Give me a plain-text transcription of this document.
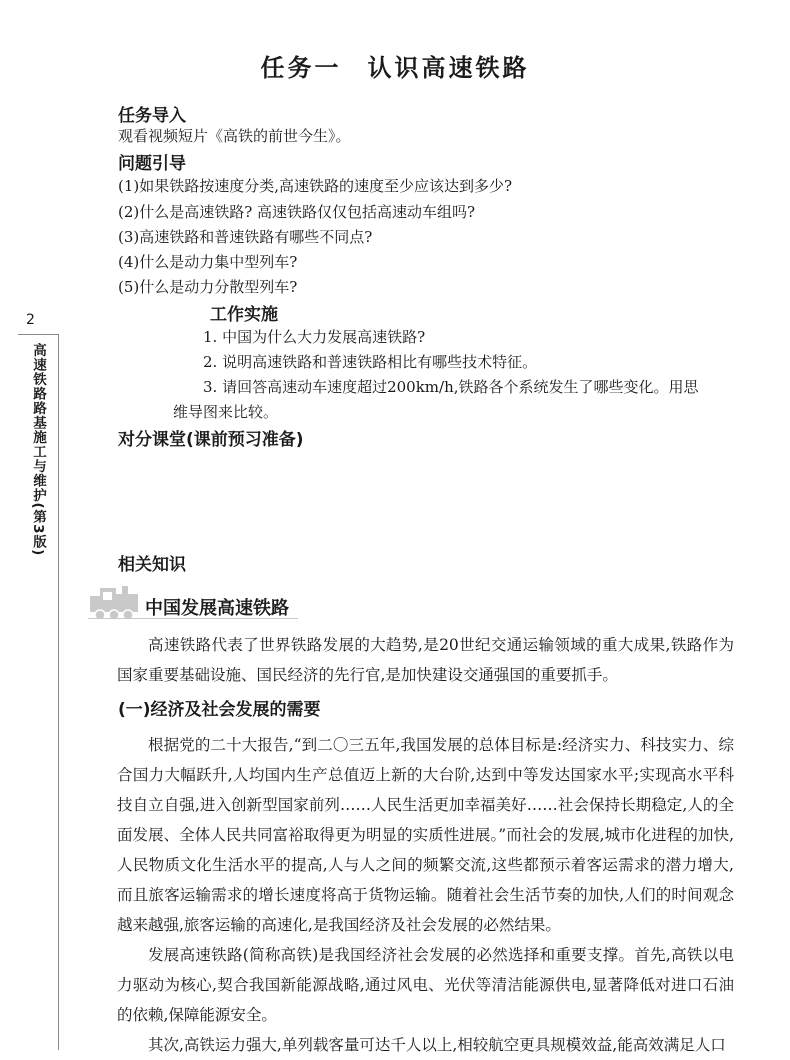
2
高速铁路路基施工与维护(第3版)
任务一 认识高速铁路
任务导入
观看视频短片《高铁的前世今生》。
问题引导
(1)如果铁路按速度分类,高速铁路的速度至少应该达到多少?
(2)什么是高速铁路? 高速铁路仅仅包括高速动车组吗?
(3)高速铁路和普速铁路有哪些不同点?
(4)什么是动力集中型列车?
(5)什么是动力分散型列车?
工作实施
1. 中国为什么大力发展高速铁路?
2. 说明高速铁路和普速铁路相比有哪些技术特征。
3. 请回答高速动车速度超过200km/h,铁路各个系统发生了哪些变化。用思
维导图来比较。
对分课堂(课前预习准备)
相关知识
中国发展高速铁路

高速铁路代表了世界铁路发展的大趋势,是20世纪交通运输领域的重大成果,铁路作为国家重要基础设施、国民经济的先行官,是加快建设交通强国的重要抓手。

(一)经济及社会发展的需要

根据党的二十大报告,“到二〇三五年,我国发展的总体目标是:经济实力、科技实力、综合国力大幅跃升,人均国内生产总值迈上新的大台阶,达到中等发达国家水平;实现高水平科技自立自强,进入创新型国家前列……人民生活更加幸福美好……社会保持长期稳定,人的全面发展、全体人民共同富裕取得更为明显的实质性进展。”而社会的发展,城市化进程的加快,人民物质文化生活水平的提高,人与人之间的频繁交流,这些都预示着客运需求的潜力增大,而且旅客运输需求的增长速度将高于货物运输。随着社会生活节奏的加快,人们的时间观念越来越强,旅客运输的高速化,是我国经济及社会发展的必然结果。

发展高速铁路(简称高铁)是我国经济社会发展的必然选择和重要支撑。首先,高铁以电力驱动为核心,契合我国新能源战略,通过风电、光伏等清洁能源供电,显著降低对进口石油的依赖,保障能源安全。

其次,高铁运力强大,单列载客量可达千人以上,相较航空更具规模效益,能高效满足人口
